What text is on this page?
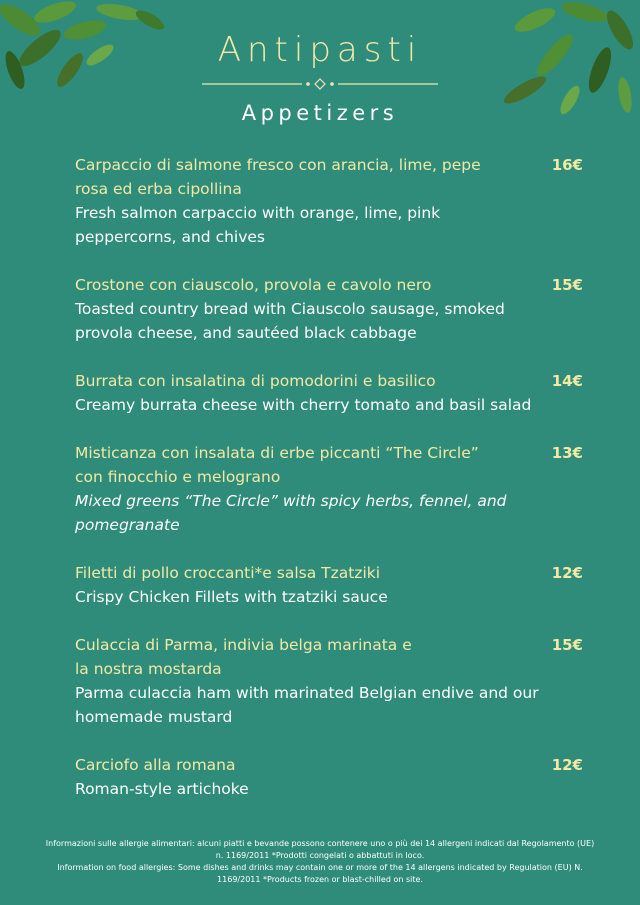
Antipasti
Appetizers
Carpaccio di salmone fresco con arancia, lime, pepe
rosa ed erba cipollina
Fresh salmon carpaccio with orange, lime, pink
peppercorns, and chives
16€
Crostone con ciauscolo, provola e cavolo nero
Toasted country bread with Ciauscolo sausage, smoked
provola cheese, and sautéed black cabbage
15€
Burrata con insalatina di pomodorini e basilico
Creamy burrata cheese with cherry tomato and basil salad
14€
Misticanza con insalata di erbe piccanti “The Circle”
con finocchio e melograno
Mixed greens “The Circle” with spicy herbs, fennel, and
pomegranate
13€
Filetti di pollo croccanti*e salsa Tzatziki
Crispy Chicken Fillets with tzatziki sauce
12€
Culaccia di Parma, indivia belga marinata e
la nostra mostarda
Parma culaccia ham with marinated Belgian endive and our
homemade mustard
15€
Carciofo alla romana
Roman-style artichoke
12€
Informazioni sulle allergie alimentari: alcuni piatti e bevande possono contenere uno o più dei 14 allergeni indicati dal Regolamento (UE)
n. 1169/2011 *Prodotti congelati o abbattuti in loco.
Information on food allergies: Some dishes and drinks may contain one or more of the 14 allergens indicated by Regulation (EU) N.
1169/2011 *Products frozen or blast-chilled on site.
